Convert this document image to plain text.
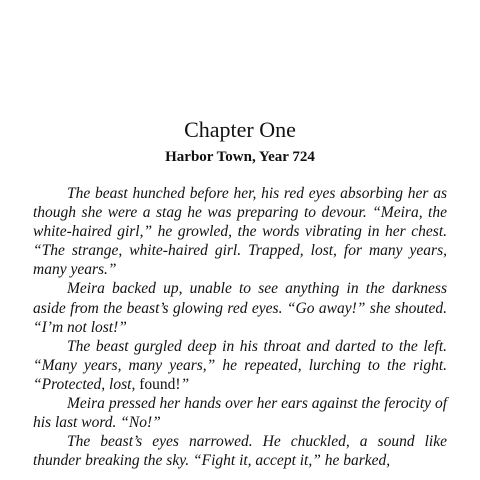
Chapter One
Harbor Town, Year 724

The beast hunched before her, his red eyes absorbing her as though she were a stag he was preparing to devour. “Meira, the white-haired girl,” he growled, the words vibrating in her chest. “The strange, white-haired girl. Trapped, lost, for many years, many years.”

Meira backed up, unable to see anything in the darkness aside from the beast’s glowing red eyes. “Go away!” she shouted. “I’m not lost!”

The beast gurgled deep in his throat and darted to the left. “Many years, many years,” he repeated, lurching to the right. “Protected, lost, found!”

Meira pressed her hands over her ears against the ferocity of his last word. “No!”

The beast’s eyes narrowed. He chuckled, a sound like thunder breaking the sky. “Fight it, accept it,” he barked,
